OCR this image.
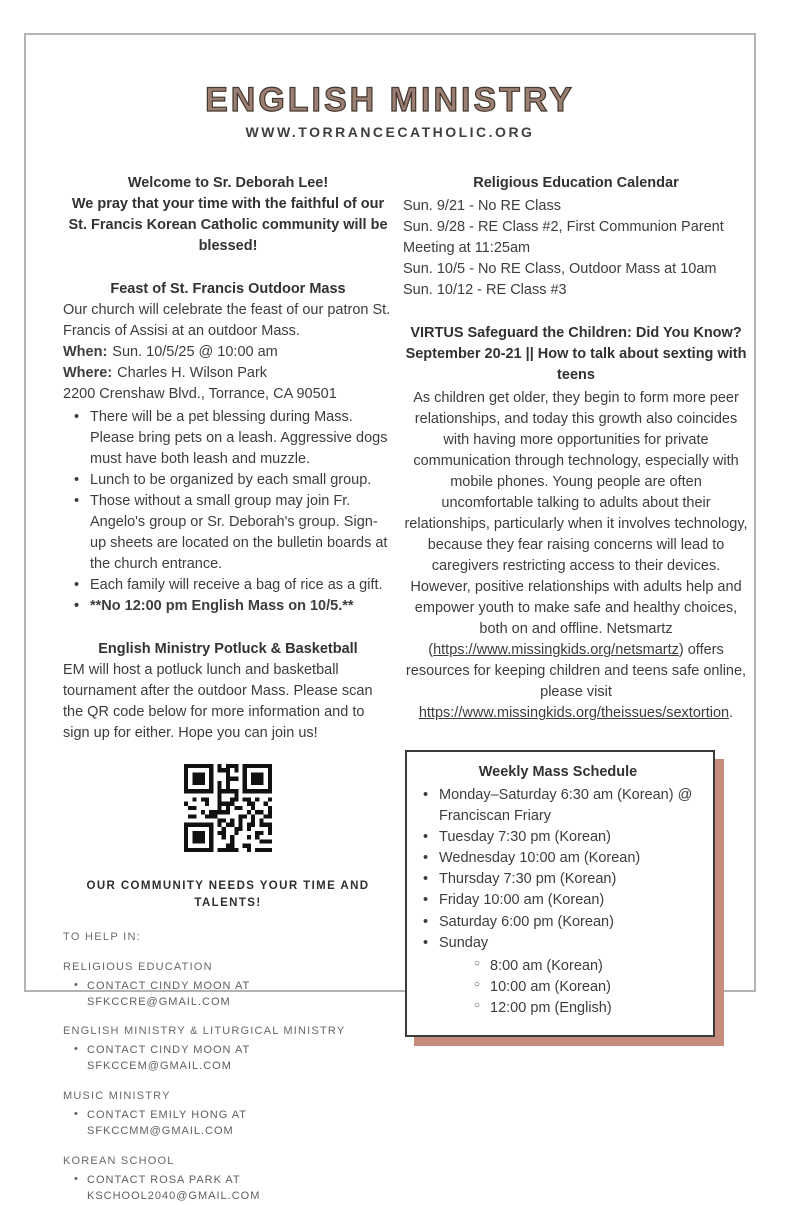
ENGLISH MINISTRY
WWW.TORRANCECATHOLIC.ORG
Welcome to Sr. Deborah Lee!
We pray that your time with the faithful of our St. Francis Korean Catholic community will be blessed!
Feast of St. Francis Outdoor Mass
Our church will celebrate the feast of our patron St. Francis of Assisi at an outdoor Mass.
When: Sun. 10/5/25 @ 10:00 am
Where: Charles H. Wilson Park
2200 Crenshaw Blvd., Torrance, CA 90501
• There will be a pet blessing during Mass. Please bring pets on a leash. Aggressive dogs must have both leash and muzzle.
• Lunch to be organized by each small group.
• Those without a small group may join Fr. Angelo's group or Sr. Deborah's group. Sign-up sheets are located on the bulletin boards at the church entrance.
• Each family will receive a bag of rice as a gift.
• **No 12:00 pm English Mass on 10/5.**
English Ministry Potluck & Basketball
EM will host a potluck lunch and basketball tournament after the outdoor Mass. Please scan the QR code below for more information and to sign up for either. Hope you can join us!
OUR COMMUNITY NEEDS YOUR TIME AND TALENTS!
TO HELP IN:
RELIGIOUS EDUCATION
• CONTACT CINDY MOON AT SFKCCRE@GMAIL.COM
ENGLISH MINISTRY & LITURGICAL MINISTRY
• CONTACT CINDY MOON AT SFKCCEM@GMAIL.COM
MUSIC MINISTRY
• CONTACT EMILY HONG AT SFKCCMM@GMAIL.COM
KOREAN SCHOOL
• CONTACT ROSA PARK AT KSCHOOL2040@GMAIL.COM
Religious Education Calendar
Sun. 9/21 - No RE Class
Sun. 9/28 - RE Class #2, First Communion Parent Meeting at 11:25am
Sun. 10/5 - No RE Class, Outdoor Mass at 10am
Sun. 10/12 - RE Class #3
VIRTUS Safeguard the Children: Did You Know? September 20-21 || How to talk about sexting with teens
As children get older, they begin to form more peer relationships, and today this growth also coincides with having more opportunities for private communication through technology, especially with mobile phones. Young people are often uncomfortable talking to adults about their relationships, particularly when it involves technology, because they fear raising concerns will lead to caregivers restricting access to their devices. However, positive relationships with adults help and empower youth to make safe and healthy choices, both on and offline. Netsmartz (https://www.missingkids.org/netsmartz) offers resources for keeping children and teens safe online, please visit https://www.missingkids.org/theissues/sextortion.
Weekly Mass Schedule
• Monday–Saturday 6:30 am (Korean) @ Franciscan Friary
• Tuesday 7:30 pm (Korean)
• Wednesday 10:00 am (Korean)
• Thursday 7:30 pm (Korean)
• Friday 10:00 am (Korean)
• Saturday 6:00 pm (Korean)
• Sunday
○ 8:00 am (Korean)
○ 10:00 am (Korean)
○ 12:00 pm (English)
